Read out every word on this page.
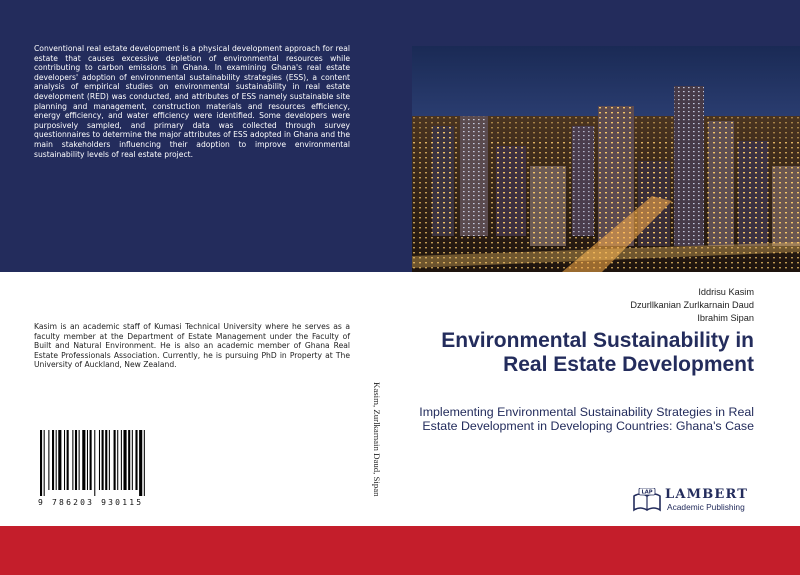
Conventional real estate development is a physical development approach for real estate that causes excessive depletion of environmental resources while contributing to carbon emissions in Ghana. In examining Ghana's real estate developers' adoption of environmental sustainability strategies (ESS), a content analysis of empirical studies on environmental sustainability in real estate development (RED) was conducted, and attributes of ESS namely sustainable site planning and management, construction materials and resources efficiency, energy efficiency, and water efficiency were identified. Some developers were purposively sampled, and primary data was collected through survey questionnaires to determine the major attributes of ESS adopted in Ghana and the main stakeholders influencing their adoption to improve environmental sustainability levels of real estate project.
Iddrisu Kasim
Dzurllkanian Zurlkarnain Daud
Ibrahim Sipan
Environmental Sustainability in Real Estate Development
Implementing Environmental Sustainability Strategies in Real Estate Development in Developing Countries: Ghana's Case
Kasim is an academic staff of Kumasi Technical University where he serves as a faculty member at the Department of Estate Management under the Faculty of Built and Natural Environment. He is also an academic member of Ghana Real Estate Professionals Association. Currently, he is pursuing PhD in Property at The University of Auckland, New Zealand.
Kasim, Zurlkarnain Daud, Sipan
9 786203 930115
LAP LAMBERT
Academic Publishing
